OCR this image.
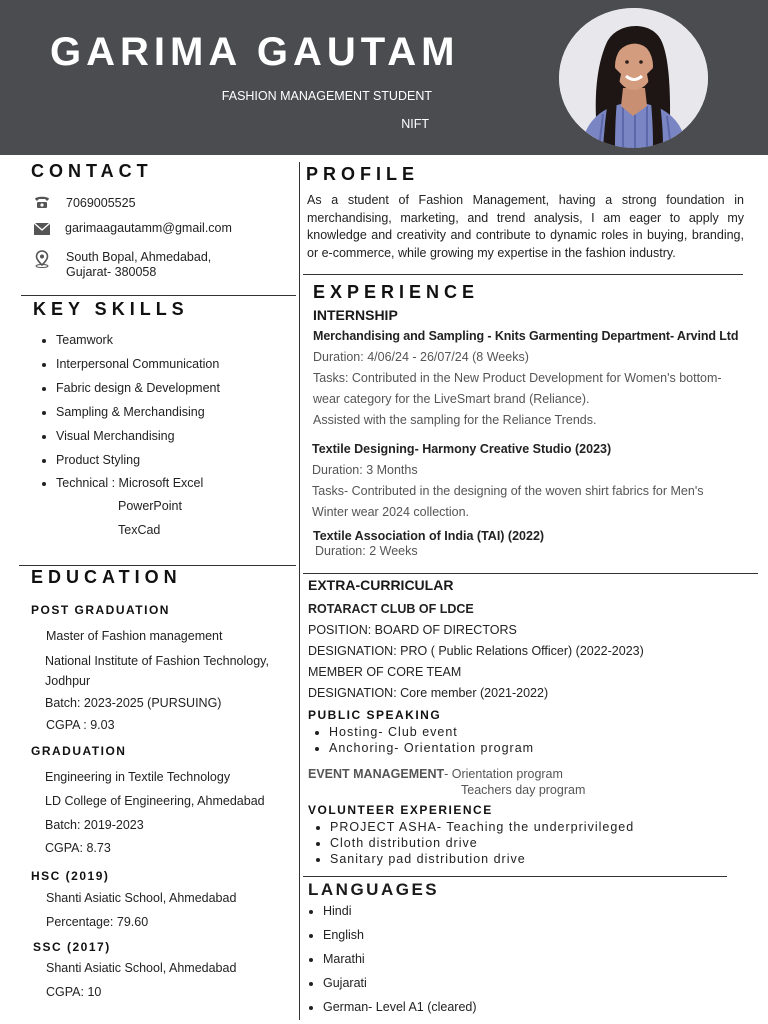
GARIMA GAUTAM
FASHION MANAGEMENT STUDENT
NIFT
CONTACT
7069005525
garimaagautamm@gmail.com
South Bopal, Ahmedabad,
Gujarat- 380058
KEY SKILLS
Teamwork
Interpersonal Communication
Fabric design & Development
Sampling & Merchandising
Visual Merchandising
Product Styling
Technical : Microsoft Excel
PowerPoint
TexCad
EDUCATION
POST GRADUATION
Master of Fashion management
National Institute of Fashion Technology,
Jodhpur
Batch: 2023-2025 (PURSUING)
CGPA : 9.03
GRADUATION
Engineering in Textile Technology
LD College of Engineering, Ahmedabad
Batch: 2019-2023
CGPA: 8.73
HSC (2019)
Shanti Asiatic School, Ahmedabad
Percentage: 79.60
SSC (2017)
Shanti Asiatic School, Ahmedabad
CGPA: 10
PROFILE
As a student of Fashion Management, having a strong foundation in merchandising, marketing, and trend analysis, I am eager to apply my knowledge and creativity and contribute to dynamic roles in buying, branding, or e-commerce, while growing my expertise in the fashion industry.
EXPERIENCE
INTERNSHIP
Merchandising and Sampling - Knits Garmenting Department- Arvind Ltd
Duration: 4/06/24 - 26/07/24 (8 Weeks)
Tasks: Contributed in the New Product Development for Women's bottom-
wear category for the LiveSmart brand (Reliance).
Assisted with the sampling for the Reliance Trends.
Textile Designing- Harmony Creative Studio (2023)
Duration: 3 Months
Tasks- Contributed in the designing of the woven shirt fabrics for Men's
Winter wear 2024 collection.
Textile Association of India (TAI) (2022)
Duration: 2 Weeks
EXTRA-CURRICULAR
ROTARACT CLUB OF LDCE
POSITION: BOARD OF DIRECTORS
DESIGNATION: PRO ( Public Relations Officer) (2022-2023)
MEMBER OF CORE TEAM
DESIGNATION: Core member (2021-2022)
PUBLIC SPEAKING
Hosting- Club event
Anchoring- Orientation program
EVENT MANAGEMENT- Orientation program
Teachers day program
VOLUNTEER EXPERIENCE
PROJECT ASHA- Teaching the underprivileged
Cloth distribution drive
Sanitary pad distribution drive
LANGUAGES
Hindi
English
Marathi
Gujarati
German- Level A1 (cleared)
